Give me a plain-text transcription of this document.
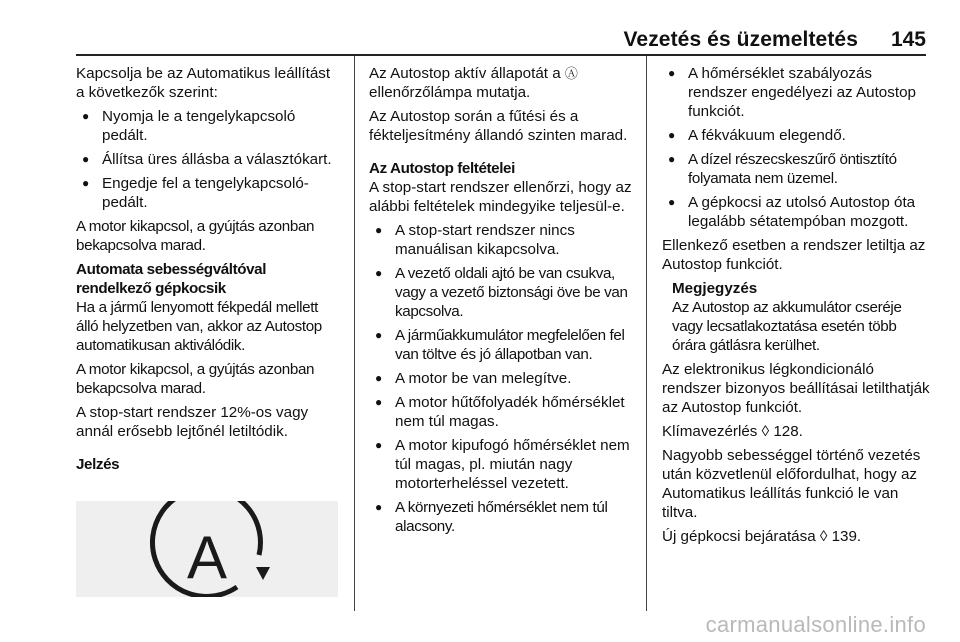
Vezetés és üzemeltetés 145

Kapcsolja be az Automatikus leállítást a következők szerint:

● Nyomja le a tengelykapcsoló pedált.
● Állítsa üres állásba a választókart.
● Engedje fel a tengelykapcsoló-pedált.

A motor kikapcsol, a gyújtás azonban bekapcsolva marad.

Automata sebességváltóval rendelkező gépkocsik

Ha a jármű lenyomott fékpedál mellett álló helyzetben van, akkor az Autostop automatikusan aktiválódik.

A motor kikapcsol, a gyújtás azonban bekapcsolva marad.

A stop-start rendszer 12%-os vagy annál erősebb lejtőnél letiltódik.

Jelzés
A

Az Autostop aktív állapotát a Ⓐ
ellenőrzőlámpa mutatja.

Az Autostop során a fűtési és a fékteljesítmény állandó szinten marad.

Az Autostop feltételei

A stop-start rendszer ellenőrzi, hogy az alábbi feltételek mindegyike teljesül-e.

● A stop-start rendszer nincs manuálisan kikapcsolva.
● A vezető oldali ajtó be van csukva, vagy a vezető biztonsági öve be van kapcsolva.
● A járműakkumulátor megfelelően fel van töltve és jó állapotban van.
● A motor be van melegítve.
● A motor hűtőfolyadék hőmérséklet nem túl magas.
● A motor kipufogó hőmérséklet nem túl magas, pl. miután nagy motorterheléssel vezetett.
● A környezeti hőmérséklet nem túl alacsony.
● A hőmérséklet szabályozás rendszer engedélyezi az Autostop funkciót.
● A fékvákuum elegendő.
● A dízel részecskeszűrő öntisztító folyamata nem üzemel.
● A gépkocsi az utolsó Autostop óta legalább sétatempóban mozgott.

Ellenkező esetben a rendszer letiltja az Autostop funkciót.

Megjegyzés
Az Autostop az akkumulátor cseréje vagy lecsatlakoztatása esetén több órára gátlásra kerülhet.

Az elektronikus légkondicionáló rendszer bizonyos beállításai letilthatják az Autostop funkciót.

Klímavezérlés ◊ 128.

Nagyobb sebességgel történő vezetés után közvetlenül előfordulhat, hogy az Automatikus leállítás funkció le van tiltva.

Új gépkocsi bejáratása ◊ 139.

carmanualsonline.info
